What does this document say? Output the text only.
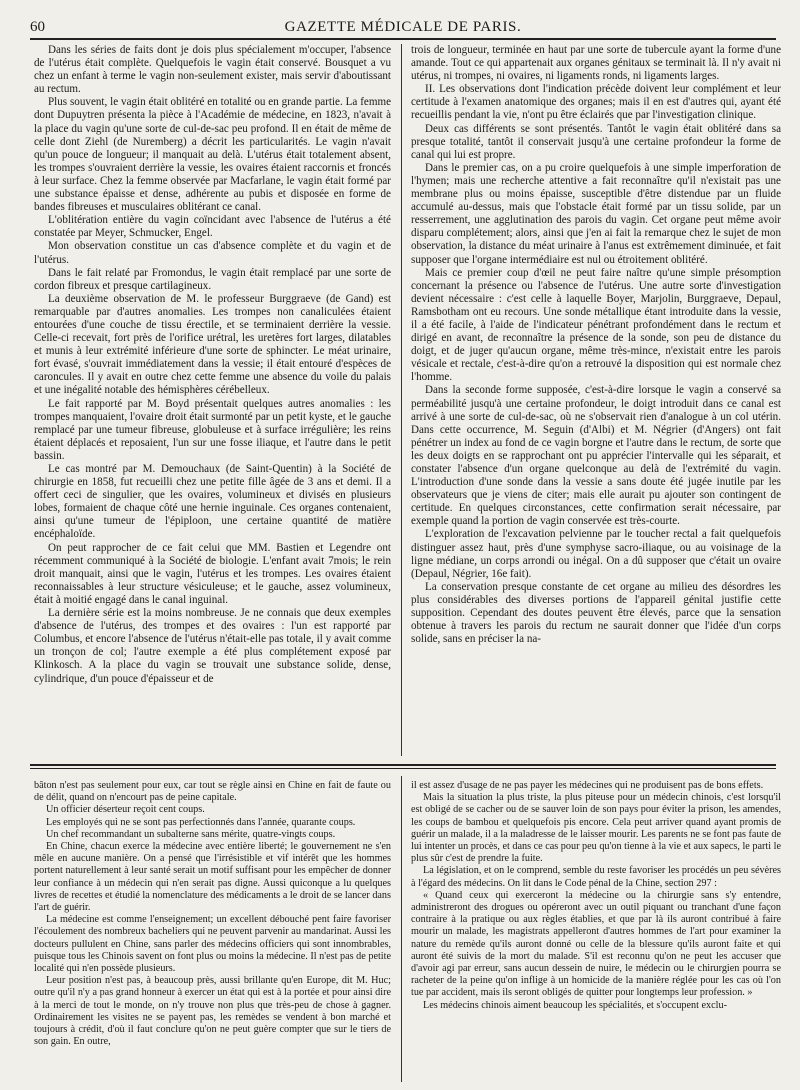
60	GAZETTE MÉDICALE DE PARIS.

Dans les séries de faits dont je dois plus spécialement m'occuper, l'absence de l'utérus était complète. Quelquefois le vagin était conservé. Bousquet a vu chez un enfant à terme le vagin non-seulement exister, mais servir d'aboutissant au rectum.

Plus souvent, le vagin était oblitéré en totalité ou en grande partie. La femme dont Dupuytren présenta la pièce à l'Académie de médecine, en 1823, n'avait à la place du vagin qu'une sorte de cul-de-sac peu profond. Il en était de même de celle dont Ziehl (de Nuremberg) a décrit les particularités. Le vagin n'avait qu'un pouce de longueur; il manquait au delà. L'utérus était totalement absent, les trompes s'ouvraient derrière la vessie, les ovaires étaient raccornis et froncés à leur surface. Chez la femme observée par Macfarlane, le vagin était formé par une substance épaisse et dense, adhérente au pubis et disposée en forme de bandes fibreuses et musculaires oblitérant ce canal.

L'oblitération entière du vagin coïncidant avec l'absence de l'utérus a été constatée par Meyer, Schmucker, Engel.

Mon observation constitue un cas d'absence complète et du vagin et de l'utérus.

Dans le fait relaté par Fromondus, le vagin était remplacé par une sorte de cordon fibreux et presque cartilagineux.

La deuxième observation de M. le professeur Burggraeve (de Gand) est remarquable par d'autres anomalies. Les trompes non canaliculées étaient entourées d'une couche de tissu érectile, et se terminaient derrière la vessie. Celle-ci recevait, fort près de l'orifice urétral, les uretères fort larges, dilatables et munis à leur extrémité inférieure d'une sorte de sphincter. Le méat urinaire, fort évasé, s'ouvrait immédiatement dans la vessie; il était entouré d'espèces de caroncules. Il y avait en outre chez cette femme une absence du voile du palais et une inégalité notable des hémisphères cérébelleux.

Le fait rapporté par M. Boyd présentait quelques autres anomalies : les trompes manquaient, l'ovaire droit était surmonté par un petit kyste, et le gauche remplacé par une tumeur fibreuse, globuleuse et à surface irrégulière; les reins étaient déplacés et reposaient, l'un sur une fosse iliaque, et l'autre dans le petit bassin.

Le cas montré par M. Demouchaux (de Saint-Quentin) à la Société de chirurgie en 1858, fut recueilli chez une petite fille âgée de 3 ans et demi. Il a offert ceci de singulier, que les ovaires, volumineux et divisés en plusieurs lobes, formaient de chaque côté une hernie inguinale. Ces organes contenaient, ainsi qu'une tumeur de l'épiploon, une certaine quantité de matière encéphaloïde.

On peut rapprocher de ce fait celui que MM. Bastien et Legendre ont récemment communiqué à la Société de biologie. L'enfant avait 7mois; le rein droit manquait, ainsi que le vagin, l'utérus et les trompes. Les ovaires étaient reconnaissables à leur structure vésiculeuse; et le gauche, assez volumineux, était à moitié engagé dans le canal inguinal.

La dernière série est la moins nombreuse. Je ne connais que deux exemples d'absence de l'utérus, des trompes et des ovaires : l'un est rapporté par Columbus, et encore l'absence de l'utérus n'était-elle pas totale, il y avait comme un tronçon de col; l'autre exemple a été plus complétement exposé par Klinkosch. A la place du vagin se trouvait une substance solide, dense, cylindrique, d'un pouce d'épaisseur et de

trois de longueur, terminée en haut par une sorte de tubercule ayant la forme d'une amande. Tout ce qui appartenait aux organes génitaux se terminait là. Il n'y avait ni utérus, ni trompes, ni ovaires, ni ligaments ronds, ni ligaments larges.

II. Les observations dont l'indication précède doivent leur complément et leur certitude à l'examen anatomique des organes; mais il en est d'autres qui, ayant été recueillis pendant la vie, n'ont pu être éclairés que par l'investigation clinique.

Deux cas différents se sont présentés. Tantôt le vagin était oblitéré dans sa presque totalité, tantôt il conservait jusqu'à une certaine profondeur la forme de canal qui lui est propre.

Dans le premier cas, on a pu croire quelquefois à une simple imperforation de l'hymen; mais une recherche attentive a fait reconnaître qu'il n'existait pas une membrane plus ou moins épaisse, susceptible d'être distendue par un fluide accumulé au-dessus, mais que l'obstacle était formé par un tissu solide, par un resserrement, une agglutination des parois du vagin. Cet organe peut même avoir disparu complétement; alors, ainsi que j'en ai fait la remarque chez le sujet de mon observation, la distance du méat urinaire à l'anus est extrêmement diminuée, et fait supposer que l'organe intermédiaire est nul ou étroitement oblitéré.

Mais ce premier coup d'œil ne peut faire naître qu'une simple présomption concernant la présence ou l'absence de l'utérus. Une autre sorte d'investigation devient nécessaire : c'est celle à laquelle Boyer, Marjolin, Burggraeve, Depaul, Ramsbotham ont eu recours. Une sonde métallique étant introduite dans la vessie, il a été facile, à l'aide de l'indicateur pénétrant profondément dans le rectum et dirigé en avant, de reconnaître la présence de la sonde, son peu de distance du doigt, et de juger qu'aucun organe, même très-mince, n'existait entre les parois vésicale et rectale, c'est-à-dire qu'on a retrouvé la disposition qui est normale chez l'homme.

Dans la seconde forme supposée, c'est-à-dire lorsque le vagin a conservé sa perméabilité jusqu'à une certaine profondeur, le doigt introduit dans ce canal est arrivé à une sorte de cul-de-sac, où ne s'observait rien d'analogue à un col utérin. Dans cette occurrence, M. Seguin (d'Albi) et M. Négrier (d'Angers) ont fait pénétrer un index au fond de ce vagin borgne et l'autre dans le rectum, de sorte que les deux doigts en se rapprochant ont pu apprécier l'intervalle qui les séparait, et constater l'absence d'un organe quelconque au delà de l'extrémité du vagin. L'introduction d'une sonde dans la vessie a sans doute été jugée inutile par les observateurs que je viens de citer; mais elle aurait pu ajouter son contingent de certitude. En quelques circonstances, cette confirmation serait nécessaire, par exemple quand la portion de vagin conservée est très-courte.

L'exploration de l'excavation pelvienne par le toucher rectal a fait quelquefois distinguer assez haut, près d'une symphyse sacro-iliaque, ou au voisinage de la ligne médiane, un corps arrondi ou inégal. On a dû supposer que c'était un ovaire (Depaul, Négrier, 16e fait).

La conservation presque constante de cet organe au milieu des désordres les plus considérables des diverses portions de l'appareil génital justifie cette supposition. Cependant des doutes peuvent être élevés, parce que la sensation obtenue à travers les parois du rectum ne saurait donner que l'idée d'un corps solide, sans en préciser la na-

bâton n'est pas seulement pour eux, car tout se règle ainsi en Chine en fait de faute ou de délit, quand on n'encourt pas de peine capitale.

Un officier déserteur reçoit cent coups.

Les employés qui ne se sont pas perfectionnés dans l'année, quarante coups.

Un chef recommandant un subalterne sans mérite, quatre-vingts coups.

En Chine, chacun exerce la médecine avec entière liberté; le gouvernement ne s'en mêle en aucune manière. On a pensé que l'irrésistible et vif intérêt que les hommes portent naturellement à leur santé serait un motif suffisant pour les empêcher de donner leur confiance à un médecin qui n'en serait pas digne. Aussi quiconque a lu quelques livres de recettes et étudié la nomenclature des médicaments a le droit de se lancer dans l'art de guérir.

La médecine est comme l'enseignement; un excellent débouché pent faire favoriser l'écoulement des nombreux bacheliers qui ne peuvent parvenir au mandarinat. Aussi les docteurs pullulent en Chine, sans parler des médecins officiers qui sont innombrables, puisque tous les Chinois savent on font plus ou moins la médecine. Il n'est pas de petite localité qui n'en possède plusieurs.

Leur position n'est pas, à beaucoup près, aussi brillante qu'en Europe, dit M. Huc; outre qu'il n'y a pas grand honneur à exercer un état qui est à la portée et pour ainsi dire à la merci de tout le monde, on n'y trouve non plus que très-peu de chose à gagner. Ordinairement les visites ne se payent pas, les remèdes se vendent à bon marché et toujours à crédit, d'où il faut conclure qu'on ne peut guère compter que sur le tiers de son gain. En outre,

il est assez d'usage de ne pas payer les médecines qui ne produisent pas de bons effets.

Mais la situation la plus triste, la plus piteuse pour un médecin chinois, c'est lorsqu'il est obligé de se cacher ou de se sauver loin de son pays pour éviter la prison, les amendes, les coups de bambou et quelquefois pis encore. Cela peut arriver quand ayant promis de guérir un malade, il a la maladresse de le laisser mourir. Les parents ne se font pas faute de lui intenter un procès, et dans ce cas pour peu qu'on tienne à la vie et aux sapecs, le parti le plus sûr c'est de prendre la fuite.

La législation, et on le comprend, semble du reste favoriser les procédés un peu sévères à l'égard des médecins. On lit dans le Code pénal de la Chine, section 297 :

« Quand ceux qui exerceront la médecine ou la chirurgie sans s'y entendre, administreront des drogues ou opéreront avec un outil piquant ou tranchant d'une façon contraire à la pratique ou aux règles établies, et que par là ils auront contribué à faire mourir un malade, les magistrats appelleront d'autres hommes de l'art pour examiner la nature du remède qu'ils auront donné ou celle de la blessure qu'ils auront faite et qui auront été suivis de la mort du malade. S'il est reconnu qu'on ne peut les accuser que d'avoir agi par erreur, sans aucun dessein de nuire, le médecin ou le chirurgien pourra se racheter de la peine qu'on inflige à un homicide de la manière réglée pour les cas où l'on tue par accident, mais ils seront obligés de quitter pour longtemps leur profession. »

Les médecins chinois aiment beaucoup les spécialités, et s'occupent exclu-
